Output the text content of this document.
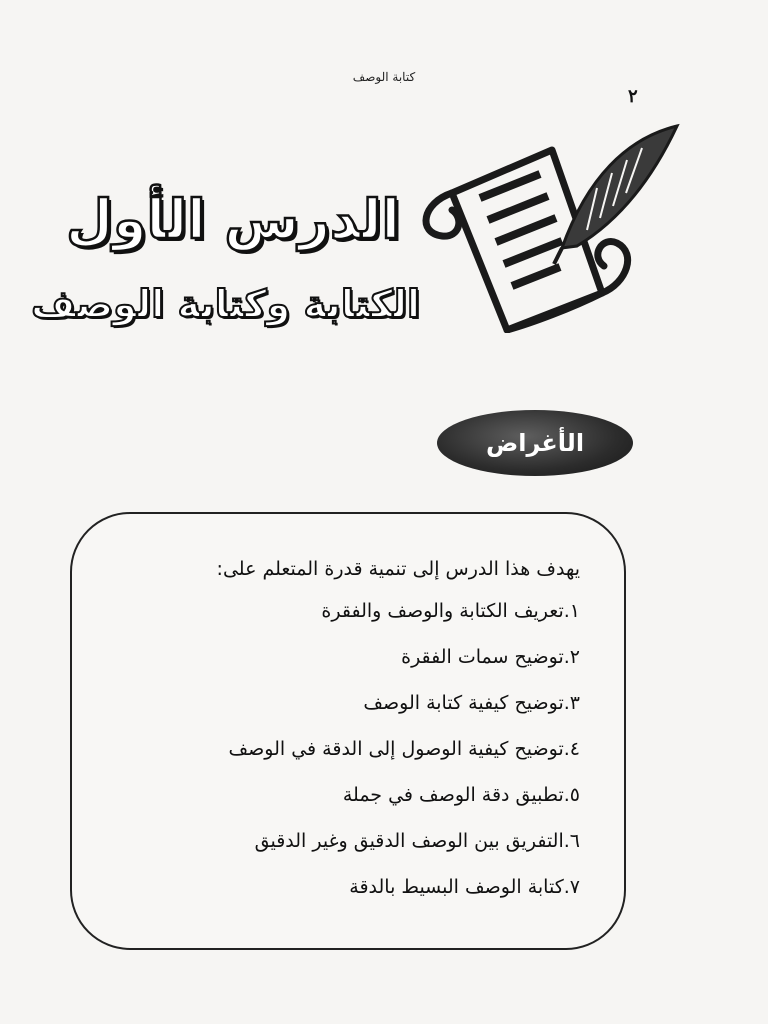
كتابة الوصف
٢
الدرس الأول
الكتابة وكتابة الوصف
الأغراض
يهدف هذا الدرس إلى تنمية قدرة المتعلم على:
١.تعريف الكتابة والوصف والفقرة
٢.توضيح سمات الفقرة
٣.توضيح كيفية كتابة الوصف
٤.توضيح كيفية الوصول إلى الدقة في الوصف
٥.تطبيق دقة الوصف في جملة
٦.التفريق بين الوصف الدقيق وغير الدقيق
٧.كتابة الوصف البسيط بالدقة
